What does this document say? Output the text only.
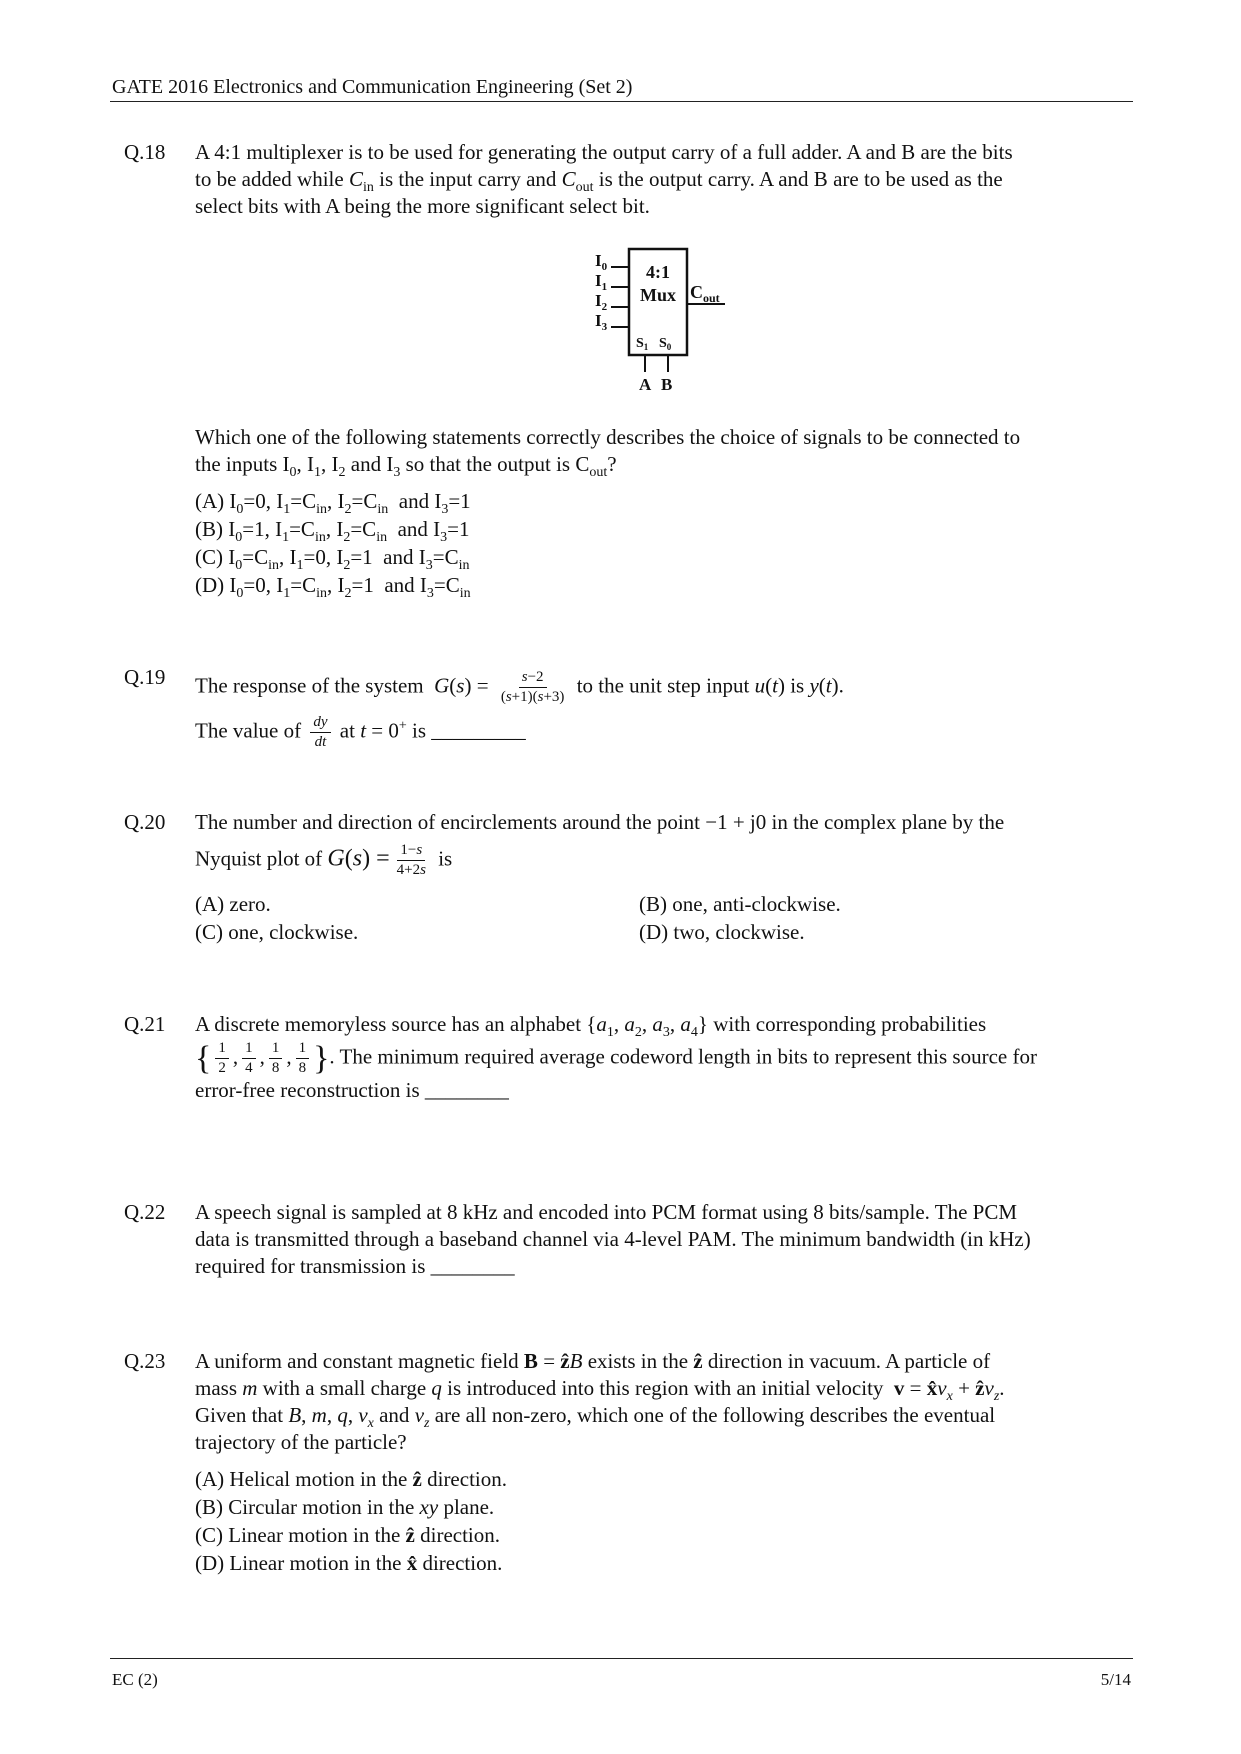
GATE 2016 Electronics and Communication Engineering (Set 2)
Q.18	A 4:1 multiplexer is to be used for generating the output carry of a full adder. A and B are the bits

to be added while $C_{in}$ is the input carry and $C_{out}$ is the output carry. A and B are to be used as the

select bits with A being the more significant select bit.

$I_0$
$I_1$
$I_2$
$I_3$
4:1
Mux $C_{out}$
$S_1$ $S_0$
A B

Which one of the following statements correctly describes the choice of signals to be connected to

the inputs $I_0$, $I_1$, $I_2$ and $I_3$ so that the output is $C_{out}$?

(A) $I_0=0$, $I_1=C_{in}$, $I_2=C_{in}$  and $I_3=1$
(B) $I_0=1$, $I_1=C_{in}$, $I_2=C_{in}$  and $I_3=1$
(C) $I_0=C_{in}$, $I_1=0$, $I_2=1$  and $I_3=C_{in}$
(D) $I_0=0$, $I_1=C_{in}$, $I_2=1$  and $I_3=C_{in}$
Q.19	The response of the system  $G(s) = \frac{s-2}{(s+1)(s+3)}$ to the unit step input u(t) is y(t).

The value of $\frac{dy}{dt}$ at t = 0+ is _________

Q.20	The number and direction of encirclements around the point −1 + j0 in the complex plane by the

Nyquist plot of $G(s) = \frac{1-s}{4+2s}$ is

(A) zero.	(B) one, anti-clockwise.
(C) one, clockwise.	(D) two, clockwise.
Q.21	A discrete memoryless source has an alphabet {$a_1$, $a_2$, $a_3$, $a_4$} with corresponding probabilities

{ $\frac{1}{2}$ , $\frac{1}{4}$ , $\frac{1}{8}$ , $\frac{1}{8}$ }. The minimum required average codeword length in bits to represent this source for

error-free reconstruction is ________

Q.22	A speech signal is sampled at 8 kHz and encoded into PCM format using 8 bits/sample. The PCM

data is transmitted through a baseband channel via 4-level PAM. The minimum bandwidth (in kHz)

required for transmission is ________

Q.23	A uniform and constant magnetic field B = ẑB exists in the ẑ direction in vacuum. A particle of

mass m with a small charge q is introduced into this region with an initial velocity  $v = x̂v_x$ + ẑv$_z$.

Given that B, m, q, $v_x$ and $v_z$ are all non-zero, which one of the following describes the eventual

trajectory of the particle?

(A) Helical motion in the ẑ direction.
(B) Circular motion in the xy plane.
(C) Linear motion in the ẑ direction.
(D) Linear motion in the x̂ direction.
EC (2)	5/14
